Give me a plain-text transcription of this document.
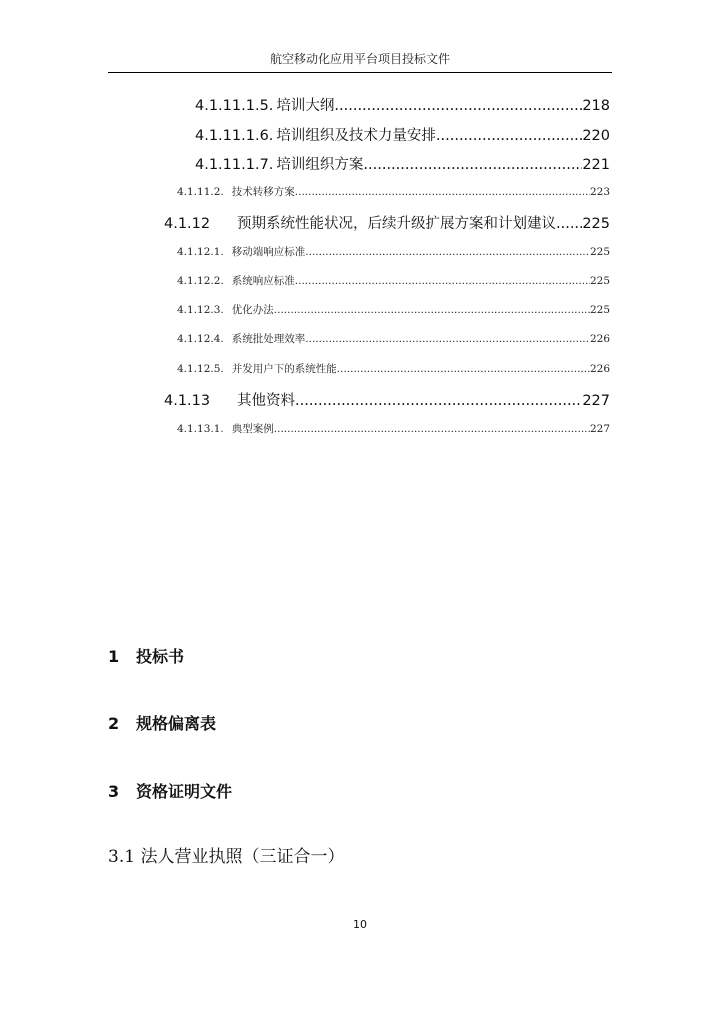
航空移动化应用平台项目投标文件
4.1.11.1.5. 培训大纲 .....	218
4.1.11.1.6. 培训组织及技术力量安排 .....	220
4.1.11.1.7. 培训组织方案 .....	221
4.1.11.2. 技术转移方案 .....	223
4.1.12	预期系统性能状况，后续升级扩展方案和计划建议 ..... 225
4.1.12.1. 移动端响应标准 .....	225
4.1.12.2. 系统响应标准 .....	225
4.1.12.3. 优化办法 .....	225
4.1.12.4. 系统批处理效率 .....	226
4.1.12.5. 并发用户下的系统性能 .....	226
4.1.13	其他资料 .....	227
4.1.13.1. 典型案例 .....	227
1	投标书
2	规格偏离表
3	资格证明文件
3.1 法人营业执照（三证合一）
10
